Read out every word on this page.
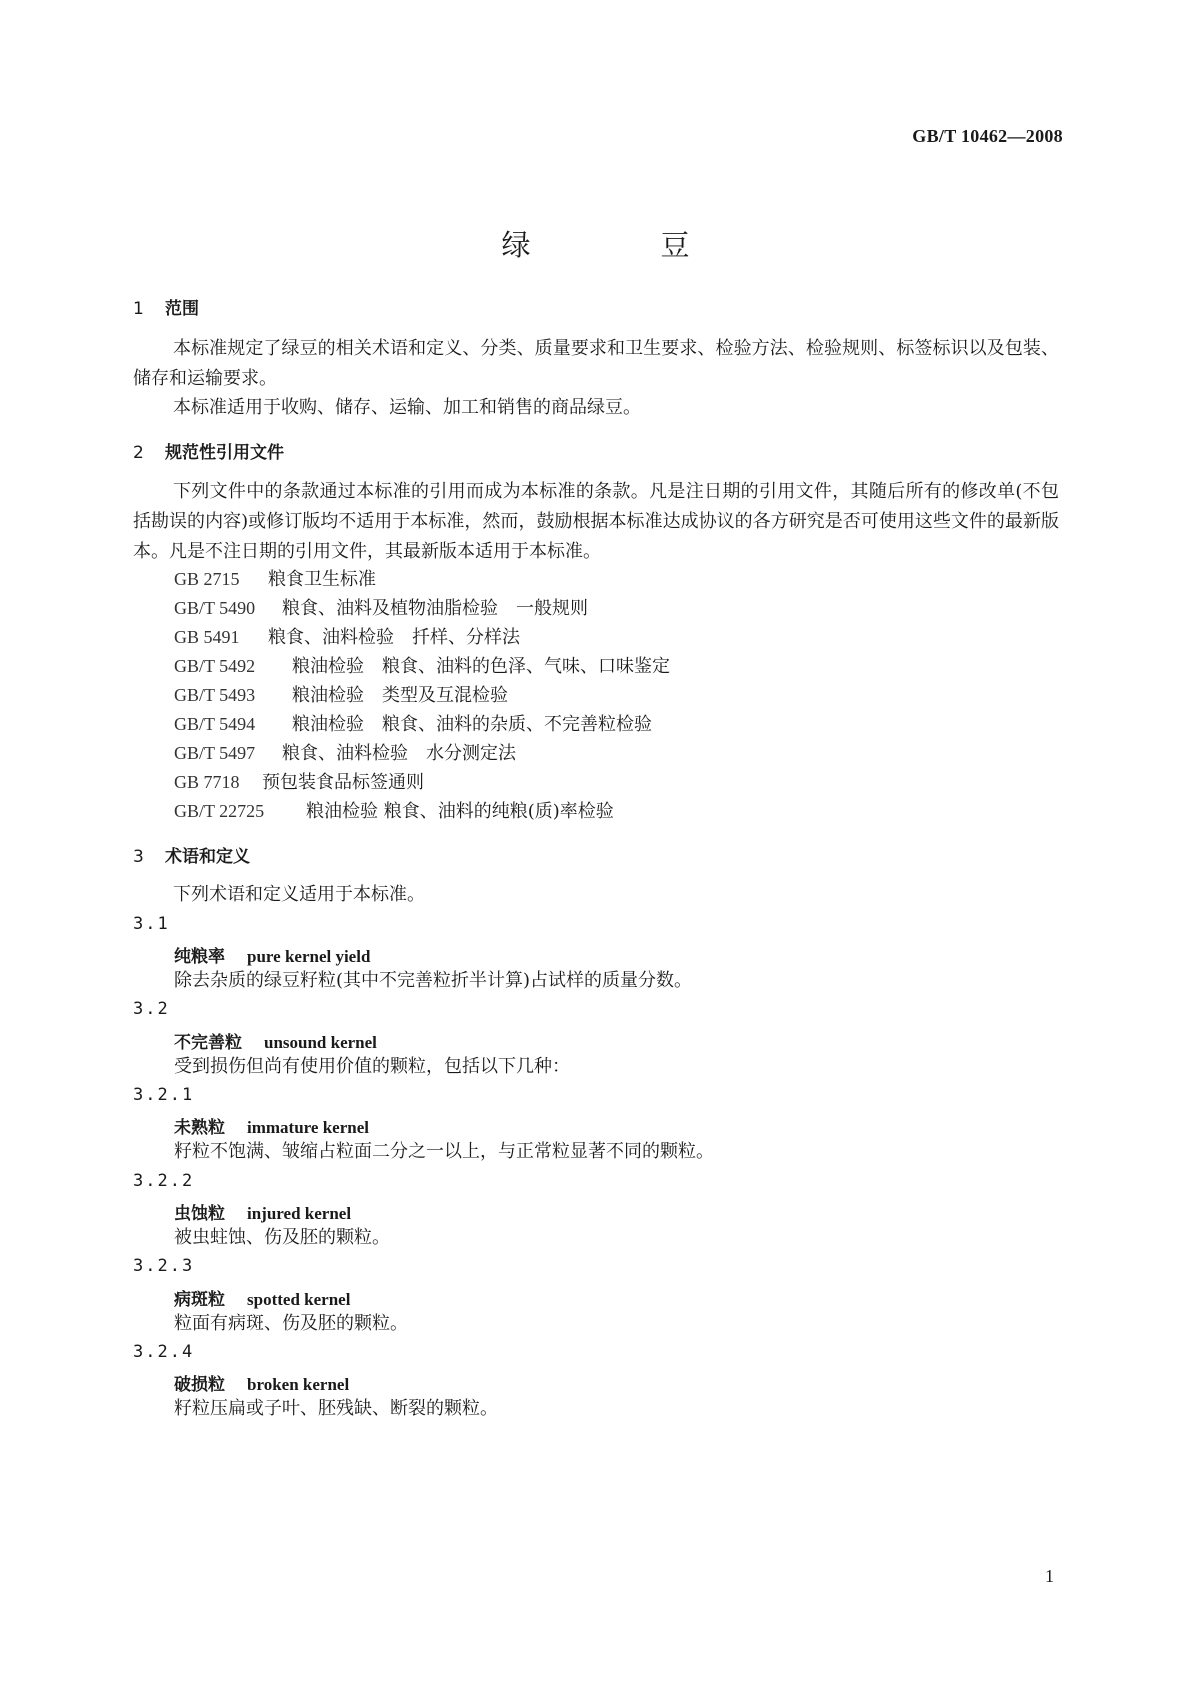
GB/T 10462—2008
绿豆
1 范围
本标准规定了绿豆的相关术语和定义、分类、质量要求和卫生要求、检验方法、检验规则、标签标识以及包装、储存和运输要求。
本标准适用于收购、储存、运输、加工和销售的商品绿豆。
2 规范性引用文件
下列文件中的条款通过本标准的引用而成为本标准的条款。凡是注日期的引用文件，其随后所有的修改单(不包括勘误的内容)或修订版均不适用于本标准，然而，鼓励根据本标准达成协议的各方研究是否可使用这些文件的最新版本。凡是不注日期的引用文件，其最新版本适用于本标准。
GB 2715 粮食卫生标准
GB/T 5490 粮食、油料及植物油脂检验　一般规则
GB 5491 粮食、油料检验　扦样、分样法
GB/T 5492 粮油检验　粮食、油料的色泽、气味、口味鉴定
GB/T 5493 粮油检验　类型及互混检验
GB/T 5494 粮油检验　粮食、油料的杂质、不完善粒检验
GB/T 5497 粮食、油料检验　水分测定法
GB 7718 预包装食品标签通则
GB/T 22725 粮油检验 粮食、油料的纯粮(质)率检验
3 术语和定义
下列术语和定义适用于本标准。
3.1
纯粮率 pure kernel yield
除去杂质的绿豆籽粒(其中不完善粒折半计算)占试样的质量分数。
3.2
不完善粒 unsound kernel
受到损伤但尚有使用价值的颗粒，包括以下几种：
3.2.1
未熟粒 immature kernel
籽粒不饱满、皱缩占粒面二分之一以上，与正常粒显著不同的颗粒。
3.2.2
虫蚀粒 injured kernel
被虫蛀蚀、伤及胚的颗粒。
3.2.3
病斑粒 spotted kernel
粒面有病斑、伤及胚的颗粒。
3.2.4
破损粒 broken kernel
籽粒压扁或子叶、胚残缺、断裂的颗粒。
1
